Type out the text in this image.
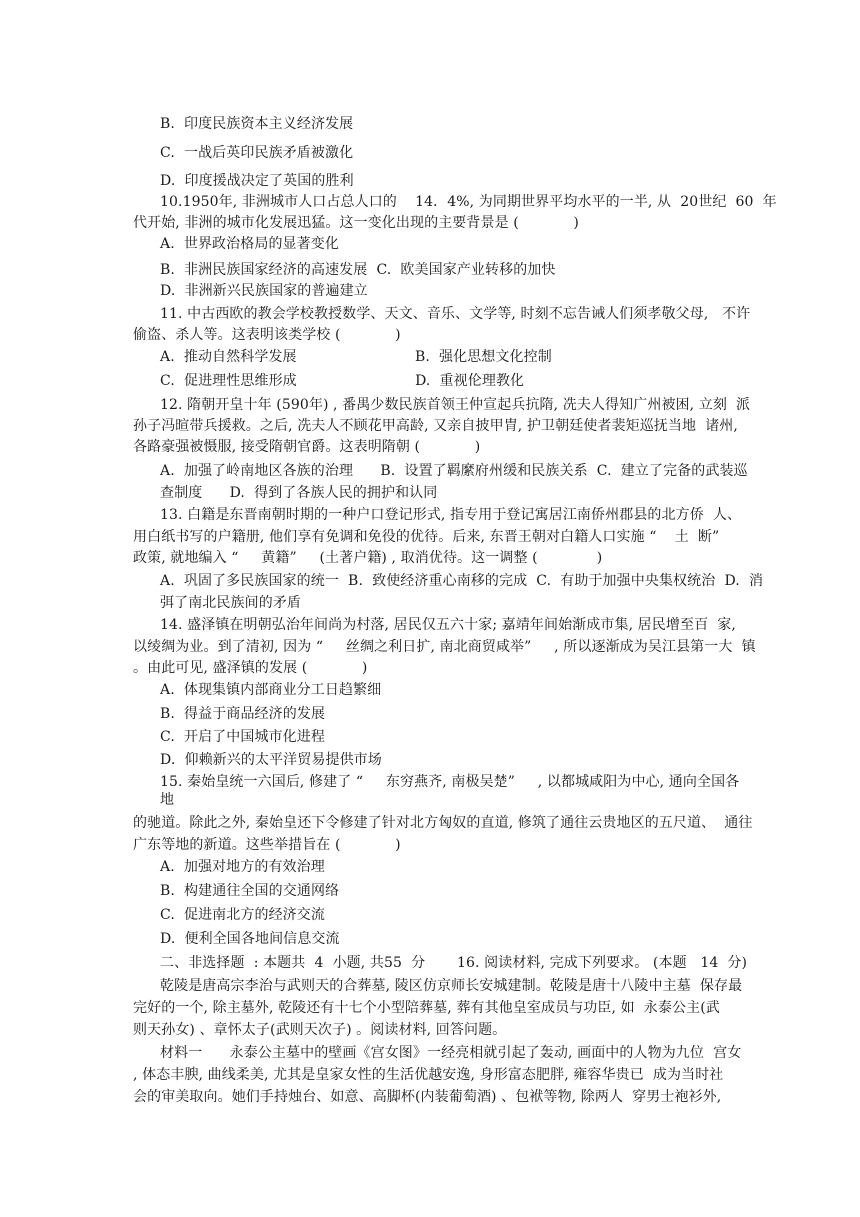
B.  印度民族资本主义经济发展
C.  一战后英印民族矛盾被激化
D.  印度援战决定了英国的胜利
10.1950年, 非洲城市人口占总人口的    14．4%, 为同期世界平均水平的一半, 从  20世纪  60  年
代开始, 非洲的城市化发展迅猛。这一变化出现的主要背景是 (            )
A.  世界政治格局的显著变化
B.  非洲民族国家经济的高速发展  C.  欧美国家产业转移的加快
D.  非洲新兴民族国家的普遍建立
11. 中古西欧的教会学校教授数学、天文、音乐、文学等, 时刻不忘告诫人们须孝敬父母,   不许
偷盗、杀人等。这表明该类学校 (            )
A.  推动自然科学发展                          B.  强化思想文化控制
C.  促进理性思维形成                          D.  重视伦理教化
12. 隋朝开皇十年 (590年) , 番禺少数民族首领王仲宣起兵抗隋, 冼夫人得知广州被困, 立刻  派
孙子冯暄带兵援救。之后, 冼夫人不顾花甲高龄, 又亲自披甲胄, 护卫朝廷使者裴矩巡抚当地  诸州,
各路豪强被慑服, 接受隋朝官爵。这表明隋朝 (            )
A.  加强了岭南地区各族的治理      B.  设置了羁縻府州缓和民族关系  C.  建立了完备的武装巡
查制度      D.  得到了各族人民的拥护和认同
13. 白籍是东晋南朝时期的一种户口登记形式, 指专用于登记寓居江南侨州郡县的北方侨  人、
用白纸书写的户籍册, 他们享有免调和免役的优待。后来, 东晋王朝对白籍人口实施 “    土  断”
政策, 就地编入 “     黄籍”     (土著户籍) , 取消优待。这一调整 (             )
A.  巩固了多民族国家的统一  B.  致使经济重心南移的完成  C.  有助于加强中央集权统治  D.  消
弭了南北民族间的矛盾
14. 盛泽镇在明朝弘治年间尚为村落, 居民仅五六十家; 嘉靖年间始渐成市集, 居民增至百  家,
以绫绸为业。到了清初, 因为 “     丝绸之利日扩, 南北商贸咸举”     , 所以逐渐成为吴江县第一大  镇
。由此可见, 盛泽镇的发展 (            )
A.  体现集镇内部商业分工日趋繁细
B.  得益于商品经济的发展
C.  开启了中国城市化进程
D.  仰赖新兴的太平洋贸易提供市场
15. 秦始皇统一六国后, 修建了 “     东穷燕齐, 南极吴楚”     , 以都城咸阳为中心, 通向全国各
地
的驰道。除此之外, 秦始皇还下令修建了针对北方匈奴的直道, 修筑了通往云贵地区的五尺道、  通往
广东等地的新道。这些举措旨在 (            )
A.  加强对地方的有效治理
B.  构建通往全国的交通网络
C.  促进南北方的经济交流
D.  便利全国各地间信息交流
二、非选择题  : 本题共  4  小题, 共55  分       16. 阅读材料, 完成下列要求。 (本题   14  分)
乾陵是唐高宗李治与武则天的合葬墓, 陵区仿京师长安城建制。乾陵是唐十八陵中主墓  保存最
完好的一个, 除主墓外, 乾陵还有十七个小型陪葬墓, 葬有其他皇室成员与功臣, 如  永泰公主(武
则天孙女) 、章怀太子(武则天次子) 。阅读材料, 回答问题。
材料一      永泰公主墓中的壁画《宫女图》一经亮相就引起了轰动, 画面中的人物为九位  宫女
, 体态丰腴, 曲线柔美, 尤其是皇家女性的生活优越安逸, 身形富态肥胖, 雍容华贵已  成为当时社
会的审美取向。她们手持烛台、如意、高脚杯(内装葡萄酒) 、包袱等物, 除两人  穿男士袍衫外,
